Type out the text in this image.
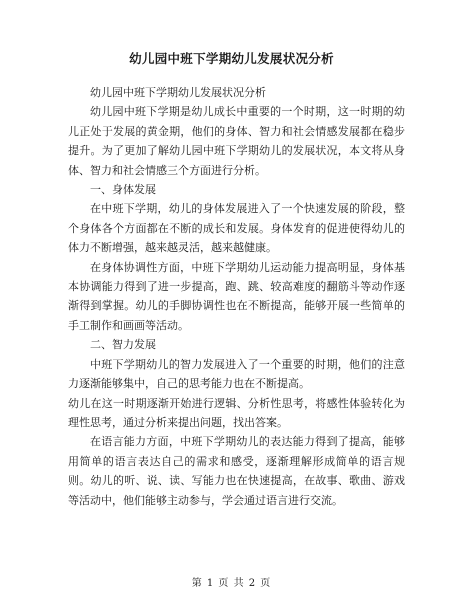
幼儿园中班下学期幼儿发展状况分析

幼儿园中班下学期幼儿发展状况分析

幼儿园中班下学期是幼儿成长中重要的一个时期，这一时期的幼儿正处于发展的黄金期，他们的身体、智力和社会情感发展都在稳步提升。为了更加了解幼儿园中班下学期幼儿的发展状况，本文将从身体、智力和社会情感三个方面进行分析。

一、身体发展

在中班下学期，幼儿的身体发展进入了一个快速发展的阶段，整个身体各个方面都在不断的成长和发展。身体发育的促进使得幼儿的体力不断增强，越来越灵活，越来越健康。

在身体协调性方面，中班下学期幼儿运动能力提高明显，身体基本协调能力得到了进一步提高，跑、跳、较高难度的翻筋斗等动作逐渐得到掌握。幼儿的手脚协调性也在不断提高，能够开展一些简单的手工制作和画画等活动。

二、智力发展

中班下学期幼儿的智力发展进入了一个重要的时期，他们的注意力逐渐能够集中，自己的思考能力也在不断提高。

幼儿在这一时期逐渐开始进行逻辑、分析性思考，将感性体验转化为理性思考，通过分析来提出问题，找出答案。

在语言能力方面，中班下学期幼儿的表达能力得到了提高，能够用简单的语言表达自己的需求和感受，逐渐理解形成简单的语言规则。幼儿的听、说、读、写能力也在快速提高，在故事、歌曲、游戏等活动中，他们能够主动参与，学会通过语言进行交流。

第 1 页 共 2 页
